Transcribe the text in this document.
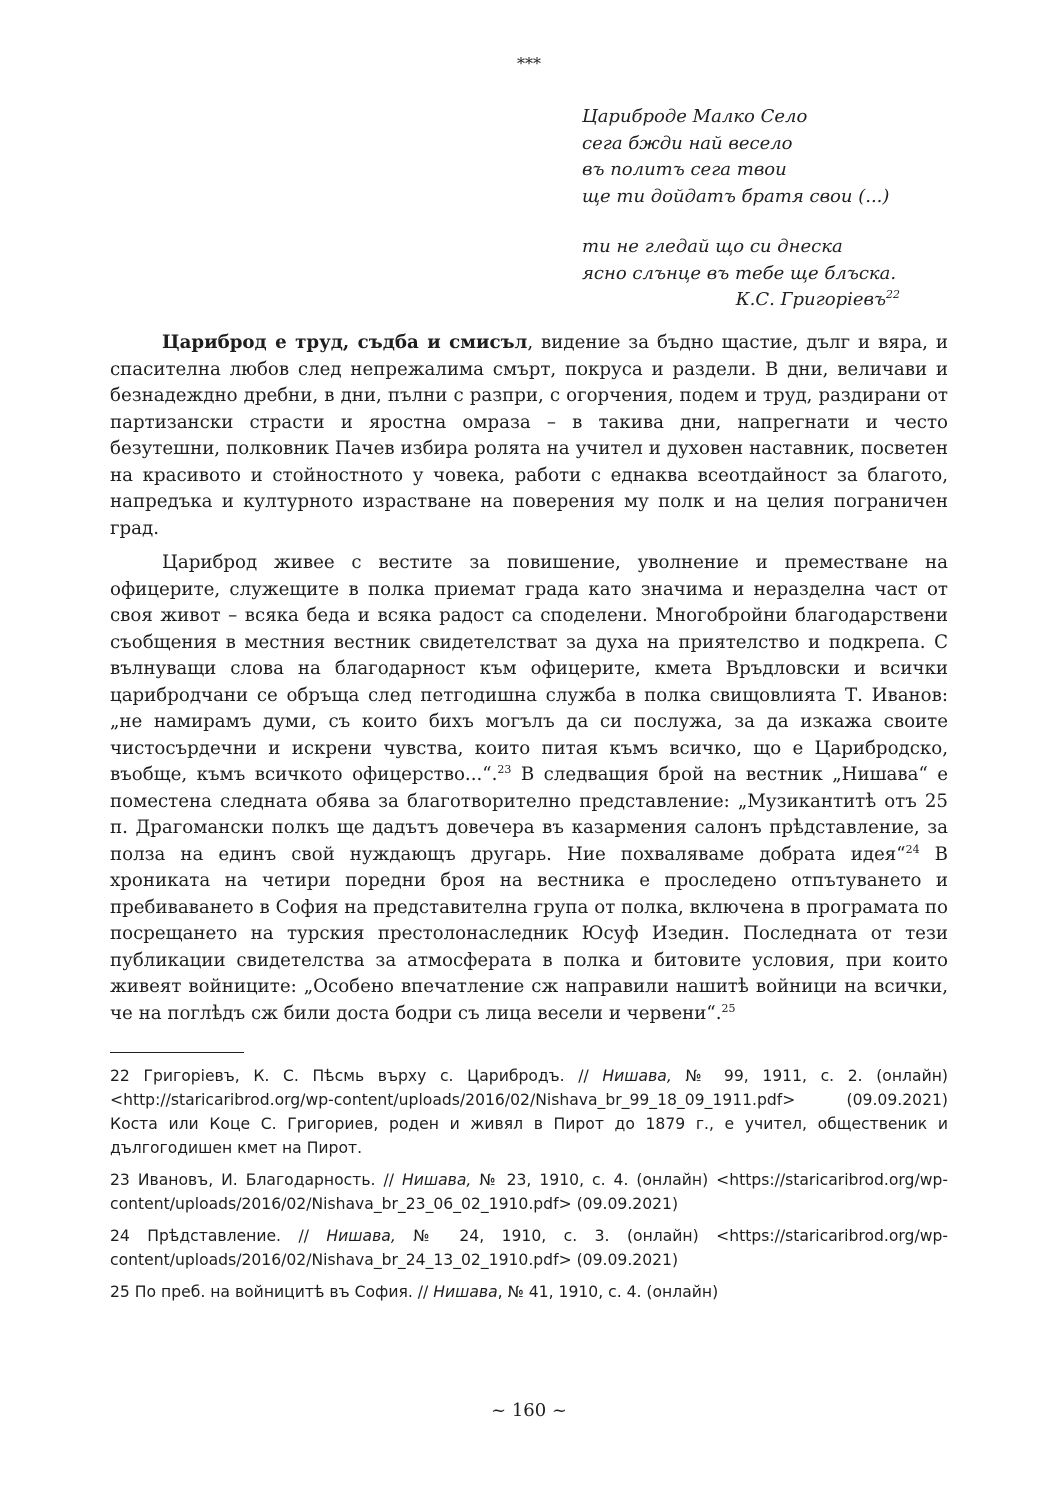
***
Цариброде Малко Село
сега бжди най весело
въ политъ сега твои
ще ти дойдатъ братя свои (...)
ти не гледай що си днеска
ясно слънце въ тебе ще блъска.
К.С. Григорiевъ$^{22}$

Цариброд е труд, съдба и смисъл, видение за бъдно щастие, дълг и вяра, и спасителна любов след непрежалима смърт, покруса и раздели. В дни, величави и безнадеждно дребни, в дни, пълни с разпри, с огорчения, подем и труд, раздирани от партизански страсти и яростна омраза – в такива дни, напрегнати и често безутешни, полковник Пачев избира ролята на учител и духовен наставник, посветен на красивото и стойностното у човека, работи с еднаква всеотдайност за благото, напредъка и културното израстване на поверения му полк и на целия пограничен град.

Цариброд живее с вестите за повишение, уволнение и преместване на офицерите, служещите в полка приемат града като значима и неразделна част от своя живот – всяка беда и всяка радост са споделени. Многобройни благодарствени съобщения в местния вестник свидетелстват за духа на приятелство и подкрепа. С вълнуващи слова на благодарност към офицерите, кмета Връдловски и всички царибродчани се обръща след петгодишна служба в полка свищовлията Т. Иванов: „не намирамъ думи, съ които бихъ могълъ да си послужа, за да изкажа своите чистосърдечни и искрени чувства, които питая къмъ всичко, що е Царибродско, въобще, къмъ всичкото офицерство...“.$^{23}$ В следващия брой на вестник „Нишава“ е поместена следната обява за благотворително представление: „Музикантитѣ отъ 25 п. Драгомански полкъ ще дадътъ довечера въ казармения салонъ прѣдставление, за полза на единъ свой нуждающъ другарь. Ние похваляваме добрата идея“$^{24}$ В хрониката на четири поредни броя на вестника е проследено отпътуването и пребиваването в София на представителна група от полка, включена в програмата по посрещането на турския престолонаследник Юсуф Изедин. Последната от тези публикации свидетелства за атмосферата в полка и битовите условия, при които живеят войниците: „Особено впечатление сж направили нашитѣ войници на всички, че на поглѣдъ сж били доста бодри съ лица весели и червени“.$^{25}$

22 Григорiевъ, К. С. Пѣсмь върху с. Царибродъ. // Нишава, № 99, 1911, с. 2. (онлайн) <http://staricaribrod.org/wp-content/uploads/2016/02/Nishava_br_99_18_09_1911.pdf> (09.09.2021) Коста или Коце С. Григориев, роден и живял в Пирот до 1879 г., е учител, общественик и дългогодишен кмет на Пирот.
23 Ивановъ, И. Благодарность. // Нишава, № 23, 1910, с. 4. (онлайн) <https://staricaribrod.org/wp-content/uploads/2016/02/Nishava_br_23_06_02_1910.pdf> (09.09.2021)
24 Прѣдставление. // Нишава, № 24, 1910, с. 3. (онлайн) <https://staricaribrod.org/wp-content/uploads/2016/02/Nishava_br_24_13_02_1910.pdf> (09.09.2021)
25 По преб. на войницитѣ въ София. // Нишава, № 41, 1910, с. 4. (онлайн)
~ 160 ~
